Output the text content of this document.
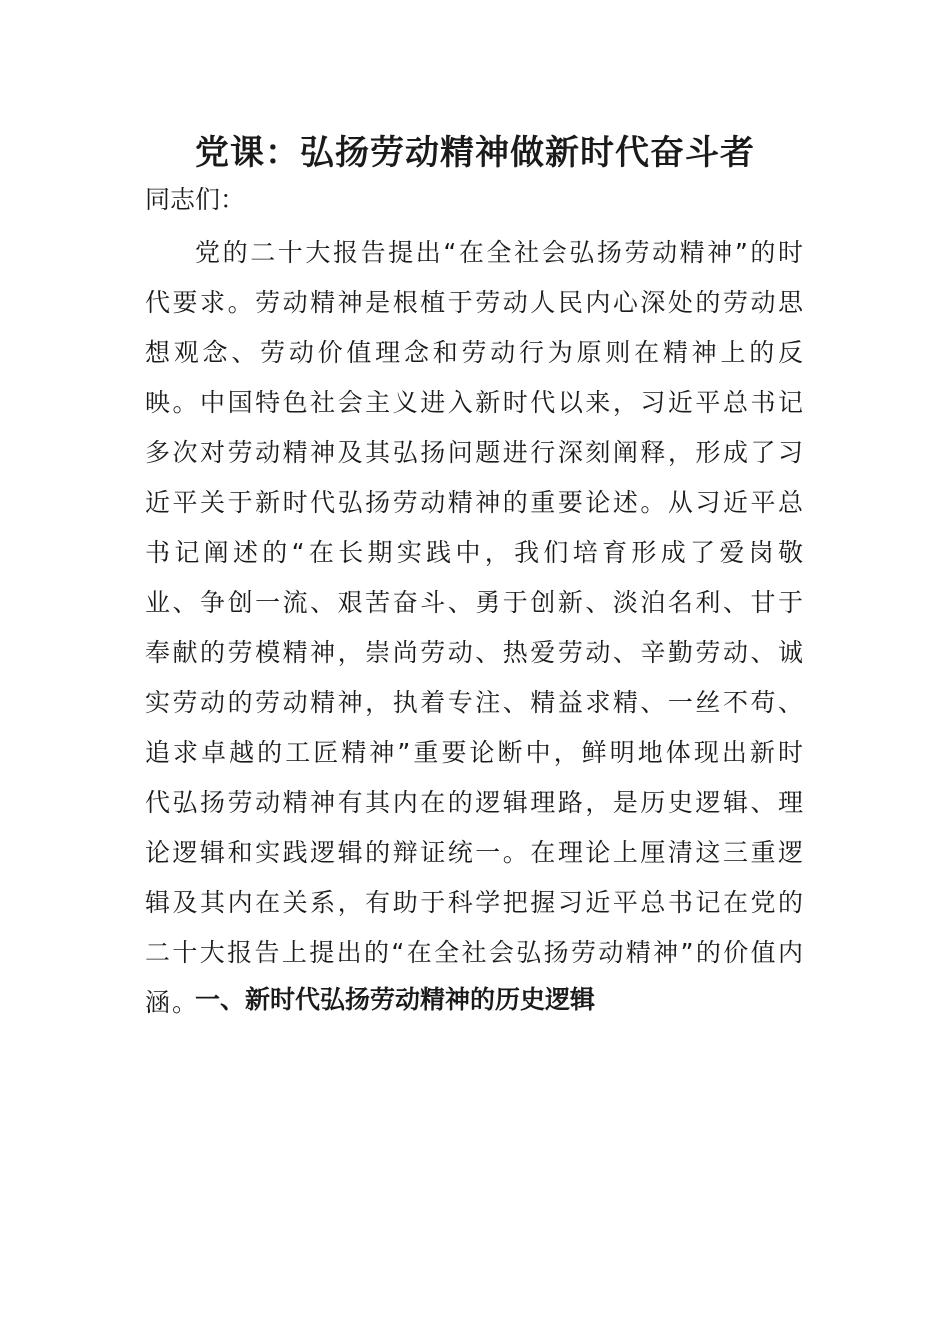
党课：弘扬劳动精神做新时代奋斗者

同志们：

党的二十大报告提出“在全社会弘扬劳动精神”的时代要求。劳动精神是根植于劳动人民内心深处的劳动思想观念、劳动价值理念和劳动行为原则在精神上的反映。中国特色社会主义进入新时代以来，习近平总书记多次对劳动精神及其弘扬问题进行深刻阐释，形成了习近平关于新时代弘扬劳动精神的重要论述。从习近平总书记阐述的“在长期实践中，我们培育形成了爱岗敬业、争创一流、艰苦奋斗、勇于创新、淡泊名利、甘于奉献的劳模精神，崇尚劳动、热爱劳动、辛勤劳动、诚实劳动的劳动精神，执着专注、精益求精、一丝不苟、追求卓越的工匠精神”重要论断中，鲜明地体现出新时代弘扬劳动精神有其内在的逻辑理路，是历史逻辑、理论逻辑和实践逻辑的辩证统一。在理论上厘清这三重逻辑及其内在关系，有助于科学把握习近平总书记在党的二十大报告上提出的“在全社会弘扬劳动精神”的价值内涵。

一、新时代弘扬劳动精神的历史逻辑
